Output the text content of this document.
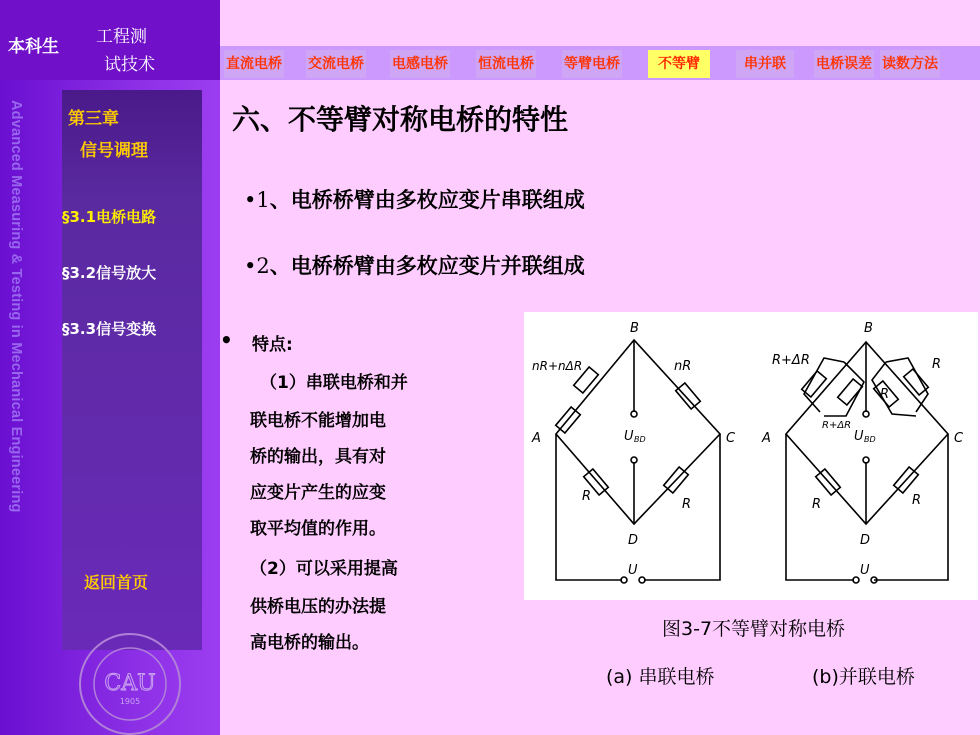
本科生 工程测
试技术
Advanced Measuring & Testing in Mechanical Engineering	第三章
信号调理
§3.1电桥电路
§3.2信号放大
§3.3信号变换
返回首页
CAU
1905
直流电桥 交流电桥 电感电桥 恒流电桥 等臂电桥	不等臂	串并联	电桥误差 读数方法
六、不等臂对称电桥的特性
•1、电桥桥臂由多枚应变片串联组成
•2、电桥桥臂由多枚应变片并联组成
• 特点:
（1）串联电桥和并
联电桥不能增加电
桥的输出，具有对
应变片产生的应变
取平均值的作用。
（2）可以采用提高
供桥电压的办法提
高电桥的输出。
B
A	C
D
nR+nΔR	nR
R
R
U BD
U
B
A	C
D
R+ΔR
R+ΔR
R
R
R	R
U BD
U
图3-7不等臂对称电桥
(a) 串联电桥	(b)并联电桥
